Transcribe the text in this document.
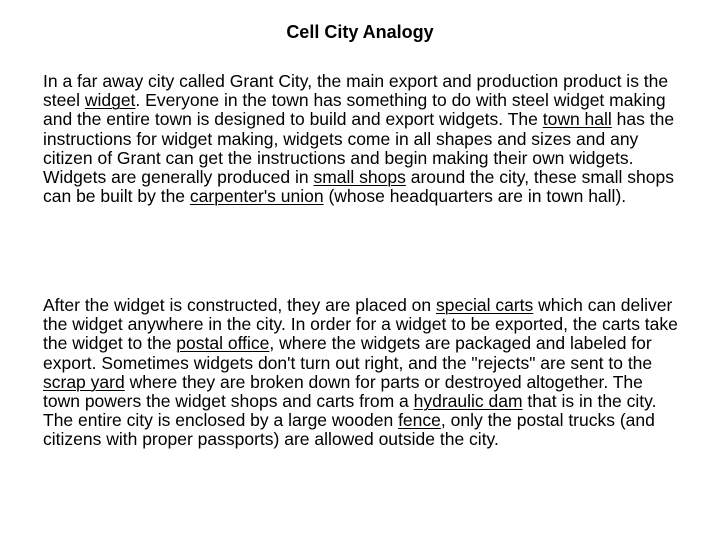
Cell City Analogy

In a far away city called Grant City, the main export and production product is the steel widget. Everyone in the town has something to do with steel widget making and the entire town is designed to build and export widgets. The town hall has the instructions for widget making, widgets come in all shapes and sizes and any citizen of Grant can get the instructions and begin making their own widgets. Widgets are generally produced in small shops around the city, these small shops can be built by the carpenter's union (whose headquarters are in town hall).

After the widget is constructed, they are placed on special carts which can deliver the widget anywhere in the city. In order for a widget to be exported, the carts take the widget to the postal office, where the widgets are packaged and labeled for export. Sometimes widgets don't turn out right, and the "rejects" are sent to the scrap yard where they are broken down for parts or destroyed altogether. The town powers the widget shops and carts from a hydraulic dam that is in the city. The entire city is enclosed by a large wooden fence, only the postal trucks (and citizens with proper passports) are allowed outside the city.
